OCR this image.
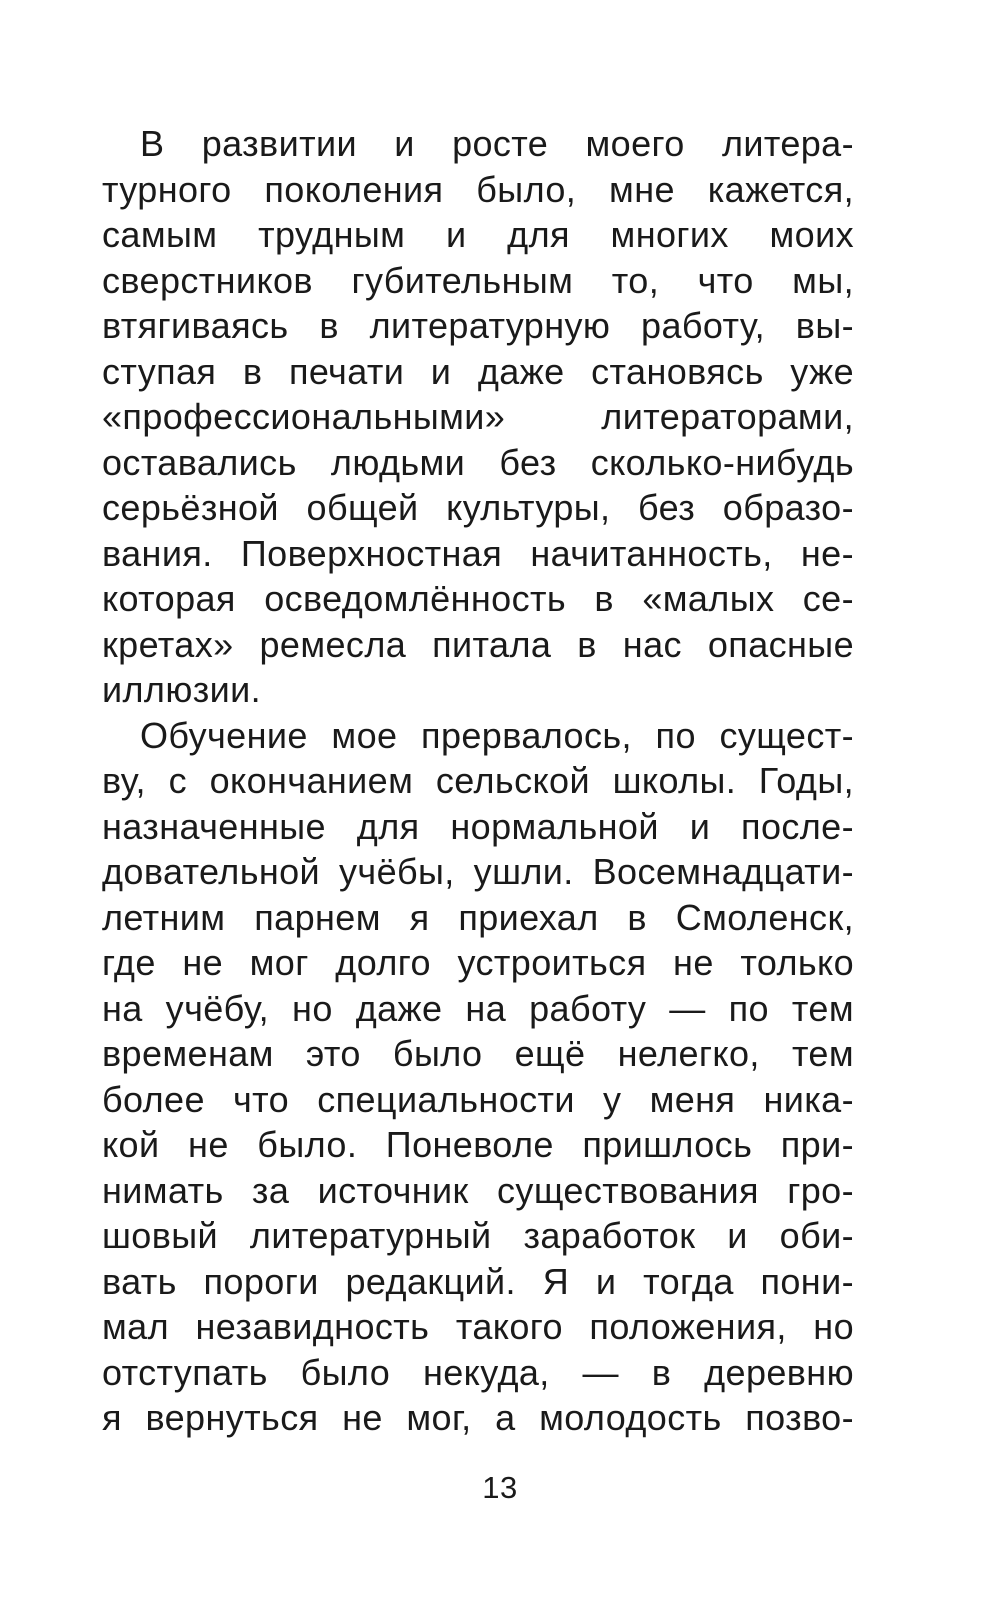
В развитии и росте моего литера-
турного поколения было, мне кажется,
самым трудным и для многих моих
сверстников губительным то, что мы,
втягиваясь в литературную работу, вы-
ступая в печати и даже становясь уже
«профессиональными» литераторами,
оставались людьми без сколько-нибудь
серьёзной общей культуры, без образо-
вания. Поверхностная начитанность, не-
которая осведомлённость в «малых се-
кретах» ремесла питала в нас опасные
иллюзии.

Обучение мое прервалось, по сущест-
ву, с окончанием сельской школы. Годы,
назначенные для нормальной и после-
довательной учёбы, ушли. Восемнадцати-
летним парнем я приехал в Смоленск,
где не мог долго устроиться не только
на учёбу, но даже на работу — по тем
временам это было ещё нелегко, тем
более что специальности у меня ника-
кой не было. Поневоле пришлось при-
нимать за источник существования гро-
шовый литературный заработок и оби-
вать пороги редакций. Я и тогда пони-
мал незавидность такого положения, но
отступать было некуда, — в деревню
я вернуться не мог, а молодость позво-

13
